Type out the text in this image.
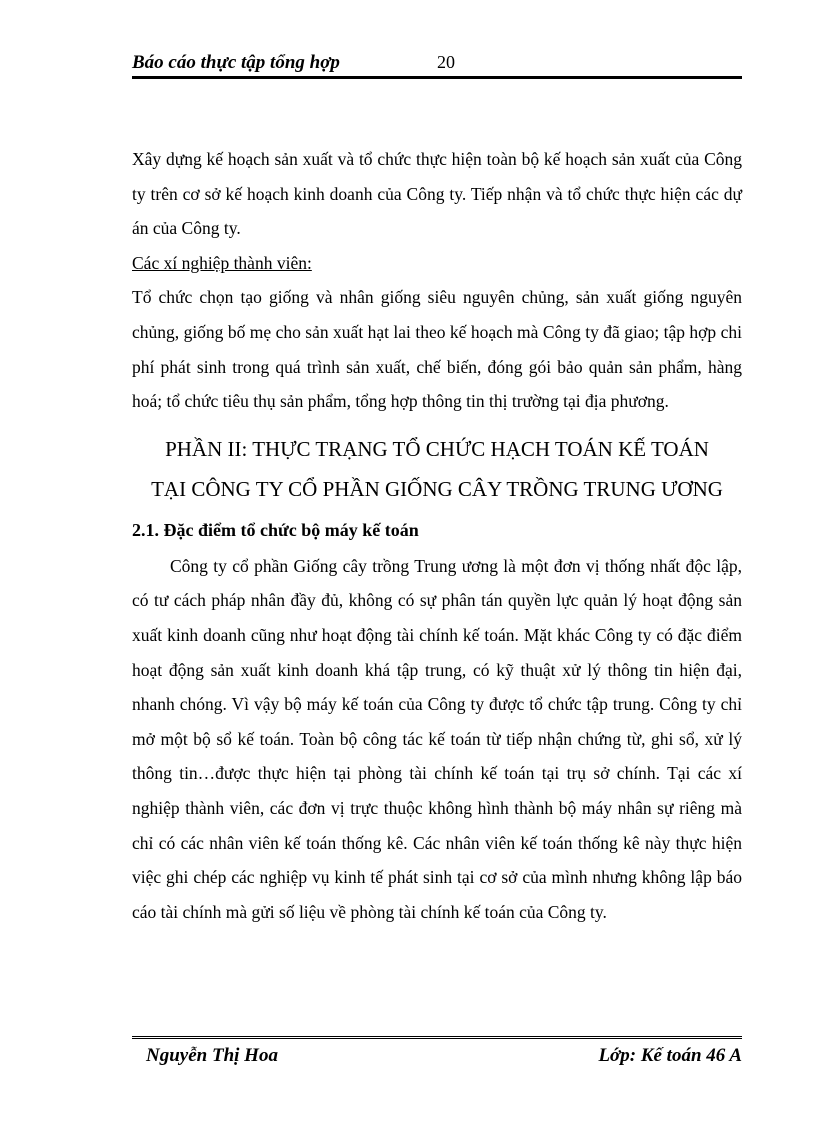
Báo cáo thực tập tổng hợp	20

Xây dựng kế hoạch sản xuất và tổ chức thực hiện toàn bộ kế hoạch sản xuất của Công ty trên cơ sở kế hoạch kinh doanh của Công ty. Tiếp nhận và tổ chức thực hiện các dự án của Công ty.

Các xí nghiệp thành viên:

Tổ chức chọn tạo giống và nhân giống siêu nguyên chủng, sản xuất giống nguyên chủng, giống bố mẹ cho sản xuất hạt lai theo kế hoạch mà Công ty đã giao; tập hợp chi phí phát sinh trong quá trình sản xuất, chế biến, đóng gói bảo quản sản phẩm, hàng hoá; tổ chức tiêu thụ sản phẩm, tổng hợp thông tin thị trường tại địa phương.

PHẦN II: THỰC TRẠNG TỔ CHỨC HẠCH TOÁN KẾ TOÁN
TẠI CÔNG TY CỔ PHẦN GIỐNG CÂY TRỒNG TRUNG ƯƠNG
2.1. Đặc điểm tổ chức bộ máy kế toán

Công ty cổ phần Giống cây trồng Trung ương là một đơn vị thống nhất độc lập, có tư cách pháp nhân đầy đủ, không có sự phân tán quyền lực quản lý hoạt động sản xuất kinh doanh cũng như hoạt động tài chính kế toán. Mặt khác Công ty có đặc điểm hoạt động sản xuất kinh doanh khá tập trung, có kỹ thuật xử lý thông tin hiện đại, nhanh chóng. Vì vậy bộ máy kế toán của Công ty được tổ chức tập trung. Công ty chỉ mở một bộ sổ kế toán. Toàn bộ công tác kế toán từ tiếp nhận chứng từ, ghi sổ, xử lý thông tin…được thực hiện tại phòng tài chính kế toán tại trụ sở chính. Tại các xí nghiệp thành viên, các đơn vị trực thuộc không hình thành bộ máy nhân sự riêng mà chỉ có các nhân viên kế toán thống kê. Các nhân viên kế toán thống kê này thực hiện việc ghi chép các nghiệp vụ kinh tế phát sinh tại cơ sở của mình nhưng không lập báo cáo tài chính mà gửi số liệu về phòng tài chính kế toán của Công ty.

Nguyễn Thị Hoa	Lớp: Kế toán 46 A
